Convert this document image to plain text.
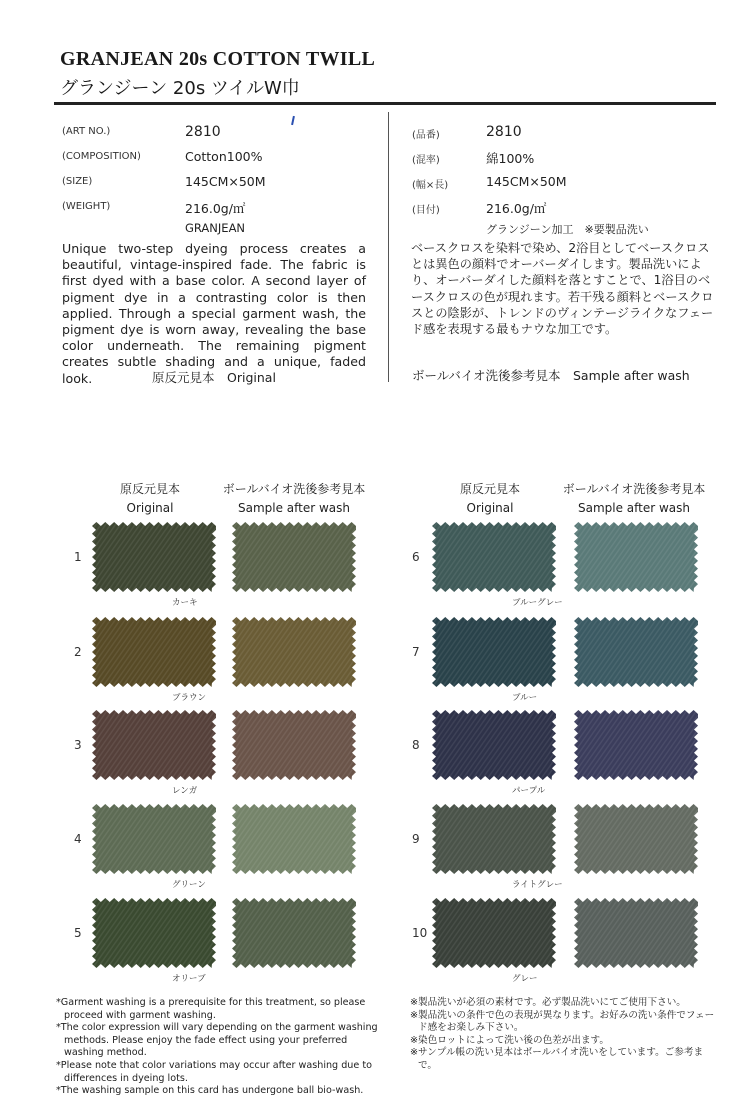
GRANJEAN 20s COTTON TWILL
グランジーン 20s ツイルW巾
(ART NO.)	2810
(COMPOSITION)	Cotton100%
(SIZE)	145CM×50M
(WEIGHT)	216.0g/㎡
GRANJEAN
(品番)	2810
(混率)	綿100%
(幅×長)	145CM×50M
(目付)	216.0g/㎡
グランジーン加工　※要製品洗い

Unique two-step dyeing process creates a beautiful, vintage-inspired fade. The fabric is first dyed with a base color. A second layer of pigment dye in a contrasting color is then applied. Through a special garment wash, the pigment dye is worn away, revealing the base color underneath. The remaining pigment creates subtle shading and a unique, faded look.

ベースクロスを染料で染め、2浴目としてベースクロスとは異色の顔料でオーバーダイします。製品洗いにより、オーバーダイした顔料を落とすことで、1浴目のベースクロスの色が現れます。若干残る顔料とベースクロスとの陰影が、トレンドのヴィンテージライクなフェード感を表現する最もナウな加工です。

原反元見本　Original	ボールバイオ洗後参考見本　Sample after wash
原反元見本
Original
ボールバイオ洗後参考見本
Sample after wash
原反元見本
Original
ボールバイオ洗後参考見本
Sample after wash
1
カーキ
2
ブラウン
3
レンガ
4
グリーン
5
オリーブ
6
ブルーグレー
7
ブルー
8
パープル
9
ライトグレー
10
グレー
*Garment washing is a prerequisite for this treatment, so please proceed with garment washing.
*The color expression will vary depending on the garment washing methods. Please enjoy the fade effect using your preferred washing method.
*Please note that color variations may occur after washing due to differences in dyeing lots.
*The washing sample on this card has undergone ball bio-wash.
※製品洗いが必須の素材です。必ず製品洗いにてご使用下さい。
※製品洗いの条件で色の表現が異なります。お好みの洗い条件でフェード感をお楽しみ下さい。
※染色ロットによって洗い後の色差が出ます。
※サンプル帳の洗い見本はボールバイオ洗いをしています。ご参考まで。
